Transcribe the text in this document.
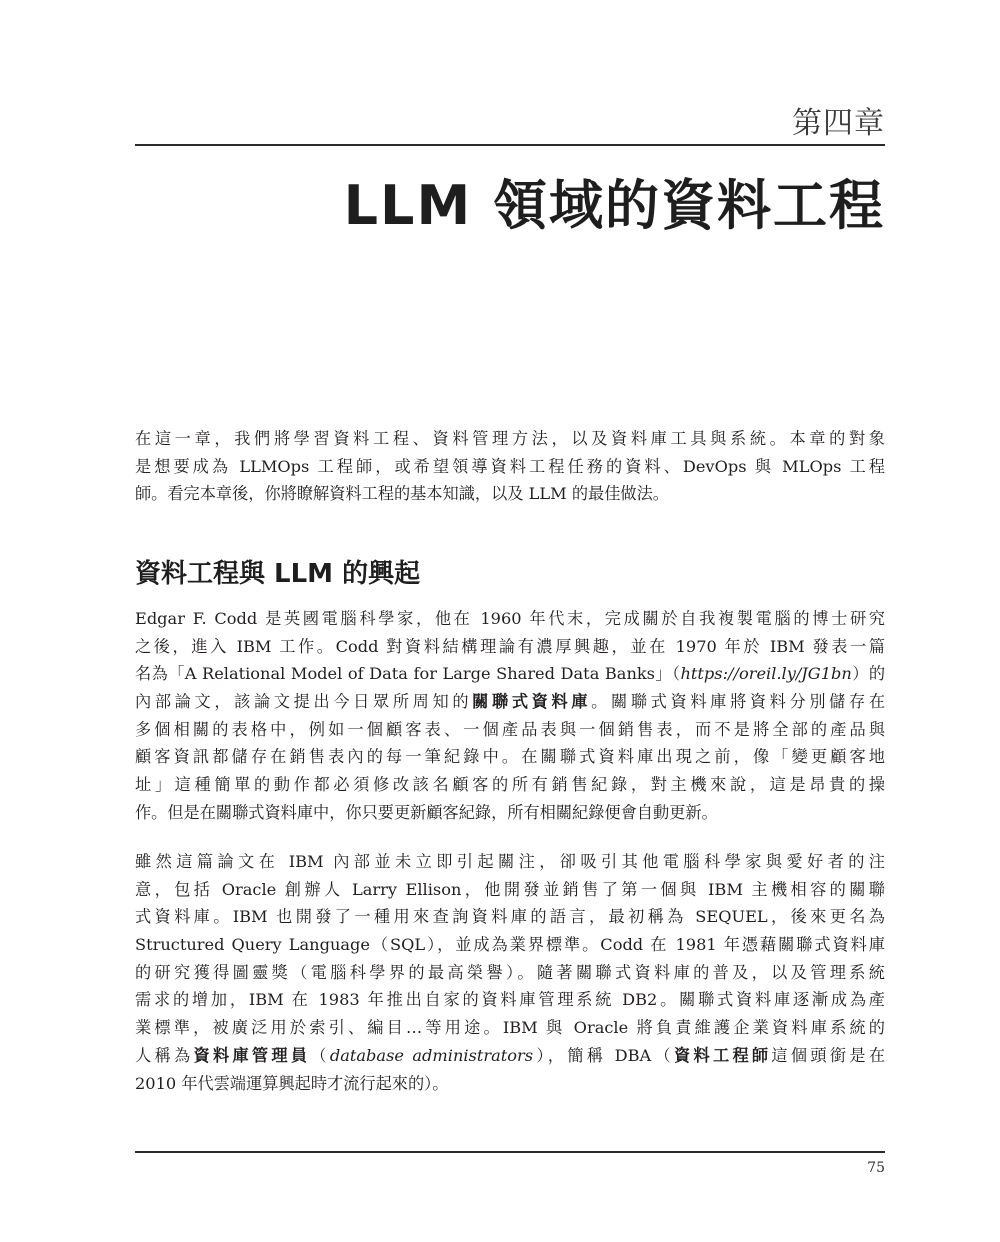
第四章
LLM 領域的資料工程
在這一章，我們將學習資料工程、資料管理方法，以及資料庫工具與系統。本章的對象
是想要成為 LLMOps 工程師，或希望領導資料工程任務的資料、DevOps 與 MLOps 工程
師。看完本章後，你將瞭解資料工程的基本知識，以及 LLM 的最佳做法。
資料工程與 LLM 的興起
Edgar F. Codd 是英國電腦科學家，他在 1960 年代末，完成關於自我複製電腦的博士研究
之後，進入 IBM 工作。Codd 對資料結構理論有濃厚興趣，並在 1970 年於 IBM 發表一篇
名為「A Relational Model of Data for Large Shared Data Banks」（https://oreil.ly/JG1bn）的
內部論文，該論文提出今日眾所周知的關聯式資料庫。關聯式資料庫將資料分別儲存在
多個相關的表格中，例如一個顧客表、一個產品表與一個銷售表，而不是將全部的產品與
顧客資訊都儲存在銷售表內的每一筆紀錄中。在關聯式資料庫出現之前，像「變更顧客地
址」這種簡單的動作都必須修改該名顧客的所有銷售紀錄，對主機來說，這是昂貴的操
作。但是在關聯式資料庫中，你只要更新顧客紀錄，所有相關紀錄便會自動更新。
雖然這篇論文在 IBM 內部並未立即引起關注，卻吸引其他電腦科學家與愛好者的注
意，包括 Oracle 創辦人 Larry Ellison，他開發並銷售了第一個與 IBM 主機相容的關聯
式資料庫。IBM 也開發了一種用來查詢資料庫的語言，最初稱為 SEQUEL，後來更名為
Structured Query Language（SQL），並成為業界標準。Codd 在 1981 年憑藉關聯式資料庫
的研究獲得圖靈獎（電腦科學界的最高榮譽）。隨著關聯式資料庫的普及，以及管理系統
需求的增加，IBM 在 1983 年推出自家的資料庫管理系統 DB2。關聯式資料庫逐漸成為產
業標準，被廣泛用於索引、編目…等用途。IBM 與 Oracle 將負責維護企業資料庫系統的
人稱為資料庫管理員（database administrators），簡稱 DBA（資料工程師這個頭銜是在
2010 年代雲端運算興起時才流行起來的）。
75
